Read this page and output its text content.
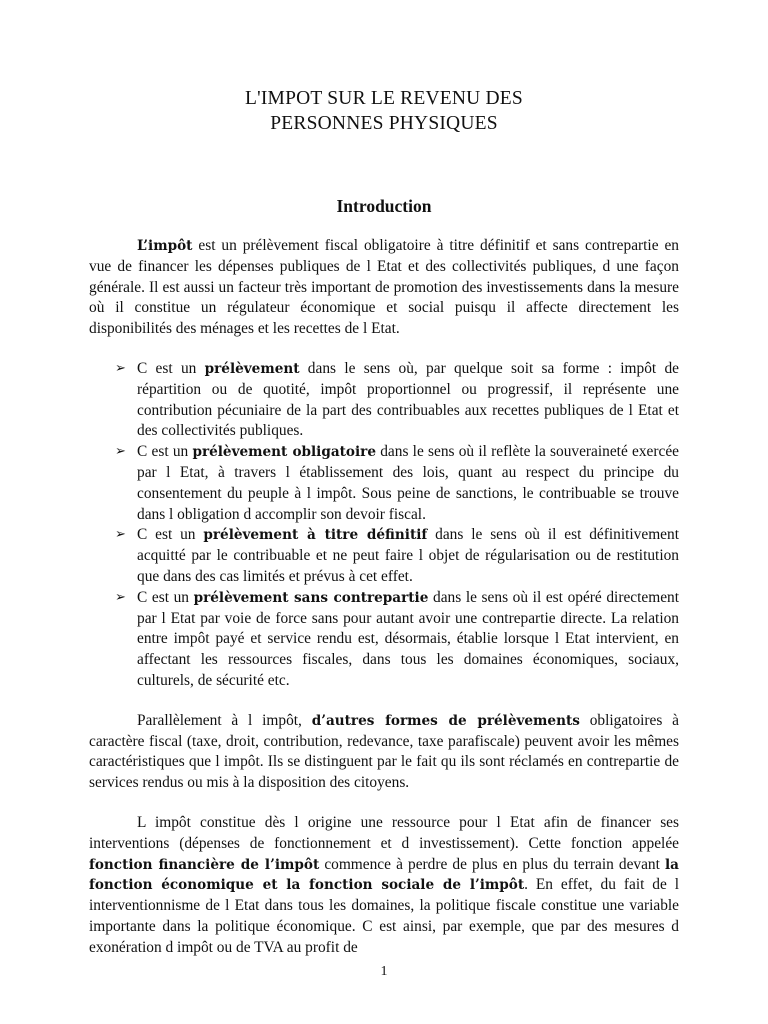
L'IMPOT SUR LE REVENU DES
PERSONNES PHYSIQUES
Introduction

L’impôt est un prélèvement fiscal obligatoire à titre définitif et sans contrepartie en vue de financer les dépenses publiques de l Etat et des collectivités publiques, d une façon générale. Il est aussi un facteur très important de promotion des investissements dans la mesure où il constitue un régulateur économique et social puisqu il affecte directement les disponibilités des ménages et les recettes de l Etat.

➢ C est un prélèvement dans le sens où, par quelque soit sa forme : impôt de répartition ou de quotité, impôt proportionnel ou progressif, il représente une contribution pécuniaire de la part des contribuables aux recettes publiques de l Etat et des collectivités publiques.
➢ C est un prélèvement obligatoire dans le sens où il reflète la souveraineté exercée par l Etat, à travers l établissement des lois, quant au respect du principe du consentement du peuple à l impôt. Sous peine de sanctions, le contribuable se trouve dans l obligation d accomplir son devoir fiscal.
➢ C est un prélèvement à titre définitif dans le sens où il est définitivement acquitté par le contribuable et ne peut faire l objet de régularisation ou de restitution que dans des cas limités et prévus à cet effet.
➢ C est un prélèvement sans contrepartie dans le sens où il est opéré directement par l Etat par voie de force sans pour autant avoir une contrepartie directe. La relation entre impôt payé et service rendu est, désormais, établie lorsque l Etat intervient, en affectant les ressources fiscales, dans tous les domaines économiques, sociaux, culturels, de sécurité etc.

Parallèlement à l impôt, d’autres formes de prélèvements obligatoires à caractère fiscal (taxe, droit, contribution, redevance, taxe parafiscale) peuvent avoir les mêmes caractéristiques que l impôt. Ils se distinguent par le fait qu ils sont réclamés en contrepartie de services rendus ou mis à la disposition des citoyens.

L impôt constitue dès l origine une ressource pour l Etat afin de financer ses interventions (dépenses de fonctionnement et d investissement). Cette fonction appelée fonction financière de l’impôt commence à perdre de plus en plus du terrain devant la fonction économique et la fonction sociale de l’impôt. En effet, du fait de l interventionnisme de l Etat dans tous les domaines, la politique fiscale constitue une variable importante dans la politique économique. C est ainsi, par exemple, que par des mesures d exonération d impôt ou de TVA au profit de

1
